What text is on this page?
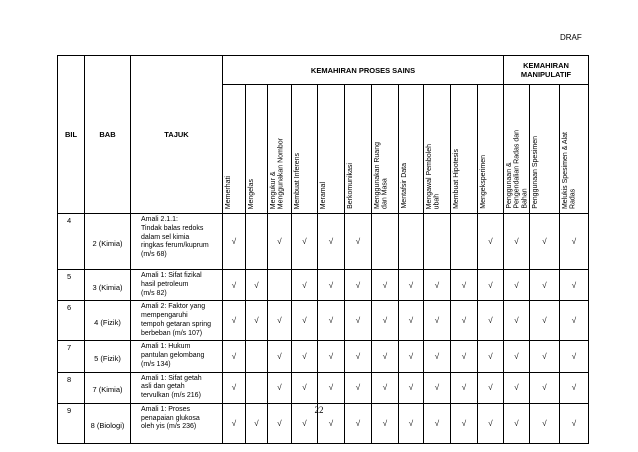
DRAF
BIL	BAB	TAJUK	KEMAHIRAN PROSES SAINS											KEMAHIRAN
MANIPULATIF		

			Memerhati	Mengelas	Mengukur &
Menggunakan Nombor	Membuat Inferens	Meramal	Berkomunikasi	Menggunakan Ruang
dan Masa	Mentafsir Data	Mengawal Pemboleh
ubah	Membuat Hipotesis	Mengeksperimen	Penggunaan &
Pengendalian Radas dan
Bahan	Penggunaan Spesimen	Melukis Spesimen & Alat
Radas

4	2 (Kimia)	Amali 2.1.1:
Tindak balas redoks
dalam sel kimia
ringkas ferum/kuprum
(m/s 68)	√		√	√	√	√					√	√	√	√
5	3 (Kimia)	Amali 1: Sifat fizikal
hasil petroleum
(m/s 82)	√	√		√	√	√	√	√	√	√	√	√	√	√
6	4 (Fizik)	Amali 2: Faktor yang
mempengaruhi
tempoh getaran spring
berbeban (m/s 107)	√	√	√	√	√	√	√	√	√	√	√	√	√	√
7	5 (Fizik)	Amali 1: Hukum
pantulan gelombang
(m/s 134)	√		√	√	√	√	√	√	√	√	√	√	√	√
8	7 (Kimia)	Amali 1: Sifat getah
asli dan getah
tervulkan (m/s 216)	√		√	√	√	√	√	√	√	√	√	√	√	√
9	8 (Biologi)	Amali 1: Proses
penapaian glukosa
oleh yis (m/s 236)	√	√	√	√	√	√	√	√	√	√	√	√	√	√
22
